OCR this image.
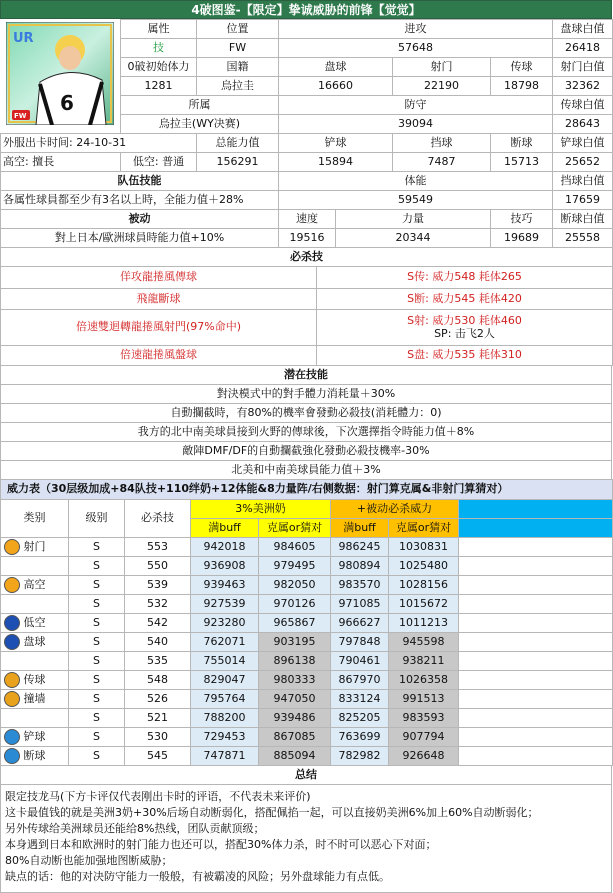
4破图鉴-【限定】挚诚威胁的前锋【觉觉】
6
UR
FW
	属性	位置	进攻				盘球白值
	技	FW	57648				26418
	0破初始体力	国籍	盘球		射门	传球	射门白值
	1281	烏拉圭	16660		22190	18798	32362
	所属		防守				传球白值
	烏拉圭(WY决赛)		39094				28643
外服出卡时间: 24-10-31		总能力值	铲球		挡球	断球	铲球白值
高空: 擅長	低空: 普通	156291	15894		7487	15713	25652
队伍技能			体能				挡球白值
各属性球員都至少有3名以上時，全能力值＋28%			59549				17659
被动			速度	力量		技巧	断球白值
對上日本/歐洲球員時能力值+10%			19516	20344		19689	25558
必杀技	
佯攻龍捲風傳球	S传: 威力548 耗体265
飛龍斷球	S断: 威力545 耗体420
倍速雙迴轉龍捲風射門(97%命中)	S射: 威力530 耗体460
SP: 击飞2人

倍速龍捲風盤球	S盘: 威力535 耗体310
潜在技能
對決模式中的對手體力消耗量＋30%
自動攔截時，有80%的機率會發動必殺技(消耗體力：0)
我方的北中南美球員接到火野的傳球後，下次選擇指令時能力值＋8%
敵陣DMF/DF的自動攔截強化發動必殺技機率-30%
北美和中南美球員能力值＋3%
威力表（30层级加成+84队技+110绊奶+12体能&8力量阵/右侧数据：射门算克属&非射门算猜对）							
类别	级别	必杀技	3%美洲奶		+被动必杀威力		
			满buff	克属or猜对	满buff	克属or猜对	

射门	S	553	942018	984605	986245	1030831	
	S	550	936908	979495	980894	1025480	

高空	S	539	939463	982050	983570	1028156	
	S	532	927539	970126	971085	1015672	

低空	S	542	923280	965867	966627	1011213	

盘球	S	540	762071	903195	797848	945598	
	S	535	755014	896138	790461	938211	

传球	S	548	829047	980333	867970	1026358	

撞墙	S	526	795764	947050	833124	991513	
	S	521	788200	939486	825205	983593	

铲球	S	530	729453	867085	763699	907794	

断球	S	545	747871	885094	782982	926648	
总结
限定技龙马(下方卡评仅代表刚出卡时的评语，不代表未来评价)
这卡最值钱的就是美洲3奶+30%后场自动断弱化，搭配佩掐一起，可以直接奶美洲6%加上60%自动断弱化；
另外传球给美洲球员还能给8%热线，团队贡献顶级；
本身遇到日本和欧洲时的射门能力也还可以，搭配30%体力杀，时不时可以恶心下对面；
80%自动断也能加强地图断威胁；
缺点的话：他的对决防守能力一般般，有被霸凌的风险；另外盘球能力有点低。
